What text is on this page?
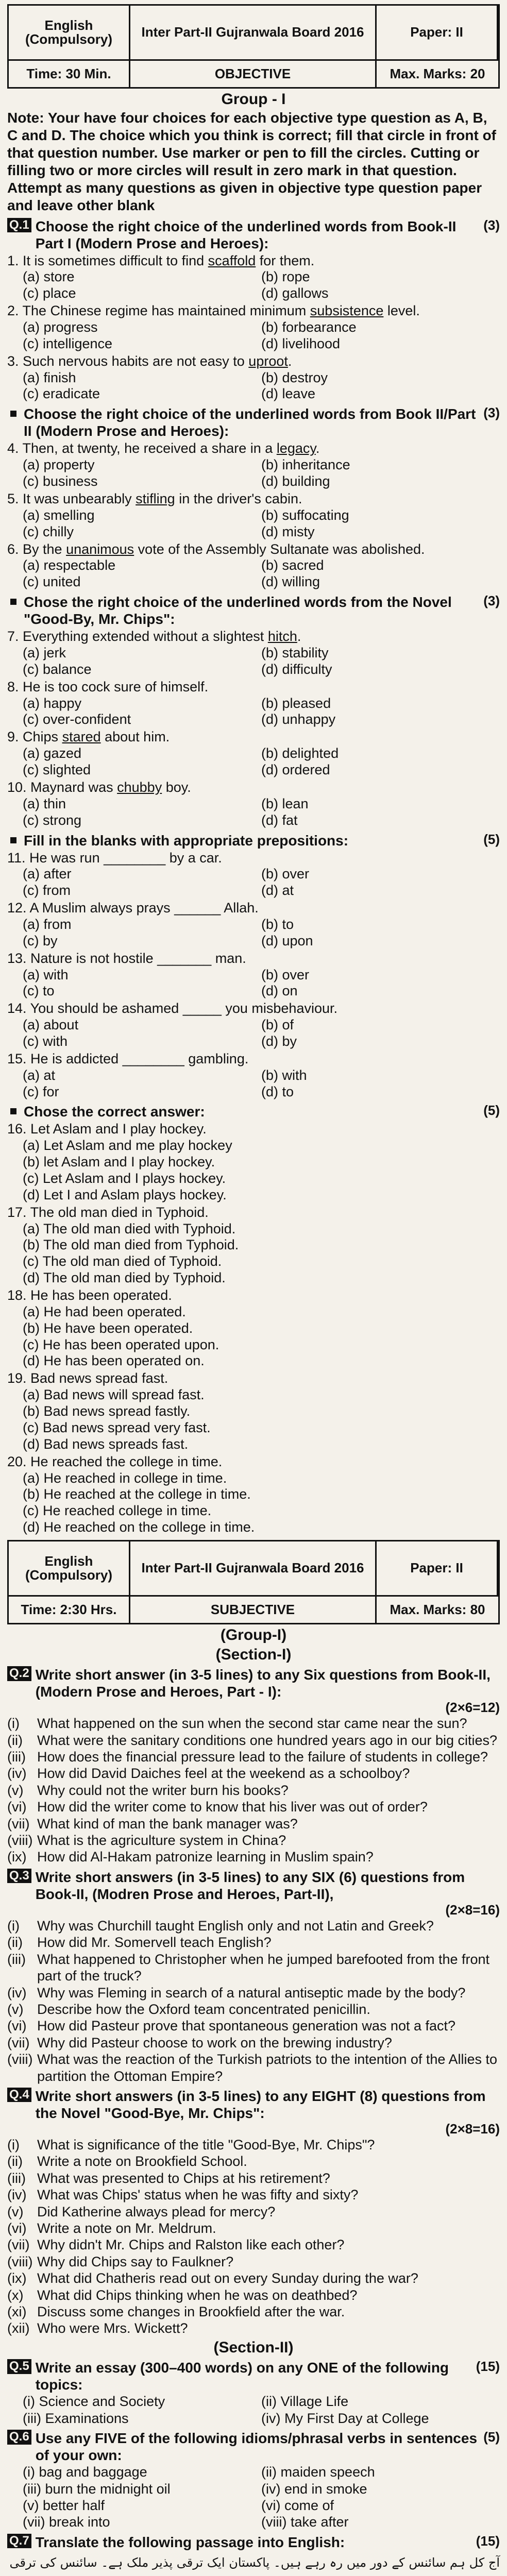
English (Compulsory)	Inter Part-II Gujranwala Board 2016	Paper: II
Time: 30 Min.	OBJECTIVE	Max. Marks: 20
Group - I
Note: Your have four choices for each objective type question as A, B, C and D. The choice which you think is correct; fill that circle in front of that question number. Use marker or pen to fill the circles. Cutting or filling two or more circles will result in zero mark in that question. Attempt as many questions as given in objective type question paper and leave other blank
Q.1 Choose the right choice of the underlined words from Book-II Part I (Modern Prose and Heroes):
(3)
1. It is sometimes difficult to find scaffold for them.
(a) store	(b) rope
(c) place	(d) gallows
2. The Chinese regime has maintained minimum subsistence level.
(a) progress	(b) forbearance
(c) intelligence	(d) livelihood
3. Such nervous habits are not easy to uproot.
(a) finish	(b) destroy
(c) eradicate	(d) leave
Choose the right choice of the underlined words from Book II/Part II (Modern Prose and Heroes):
(3)
4. Then, at twenty, he received a share in a legacy.
(a) property	(b) inheritance
(c) business	(d) building
5. It was unbearably stifling in the driver's cabin.
(a) smelling	(b) suffocating
(c) chilly	(d) misty
6. By the unanimous vote of the Assembly Sultanate was abolished.
(a) respectable	(b) sacred
(c) united	(d) willing
Chose the right choice of the underlined words from the Novel "Good-By, Mr. Chips":
(3)
7. Everything extended without a slightest hitch.
(a) jerk	(b) stability
(c) balance	(d) difficulty
8. He is too cock sure of himself.
(a) happy	(b) pleased
(c) over-confident	(d) unhappy
9. Chips stared about him.
(a) gazed	(b) delighted
(c) slighted	(d) ordered
10. Maynard was chubby boy.
(a) thin	(b) lean
(c) strong	(d) fat
Fill in the blanks with appropriate prepositions:	(5)
11. He was run ________ by a car.
(a) after	(b) over
(c) from	(d) at
12. A Muslim always prays ______ Allah.
(a) from	(b) to
(c) by	(d) upon
13. Nature is not hostile _______ man.
(a) with	(b) over
(c) to	(d) on
14. You should be ashamed _____ you misbehaviour.
(a) about	(b) of
(c) with	(d) by
15. He is addicted ________ gambling.
(a) at	(b) with
(c) for	(d) to
Chose the correct answer:	(5)
16. Let Aslam and I play hockey.
(a) Let Aslam and me play hockey
(b) let Aslam and I play hockey.
(c) Let Aslam and I plays hockey.
(d) Let I and Aslam plays hockey.
17. The old man died in Typhoid.
(a) The old man died with Typhoid.
(b) The old man died from Typhoid.
(c) The old man died of Typhoid.
(d) The old man died by Typhoid.
18. He has been operated.
(a) He had been operated.
(b) He have been operated.
(c) He has been operated upon.
(d) He has been operated on.
19. Bad news spread fast.
(a) Bad news will spread fast.
(b) Bad news spread fastly.
(c) Bad news spread very fast.
(d) Bad news spreads fast.
20. He reached the college in time.
(a) He reached in college in time.
(b) He reached at the college in time.
(c) He reached college in time.
(d) He reached on the college in time.
English (Compulsory)	Inter Part-II Gujranwala Board 2016	Paper: II
Time: 2:30 Hrs.	SUBJECTIVE	Max. Marks: 80
(Group-I)
(Section-I)
Q.2 Write short answer (in 3-5 lines) to any Six questions from Book-II,(Modern Prose and Heroes, Part - I):
(2×6=12)
(i)	What happened on the sun when the second star came near the sun?
(ii)	What were the sanitary conditions one hundred years ago in our big cities?
(iii) How does the financial pressure lead to the failure of students in college?
(iv) How did David Daiches feel at the weekend as a schoolboy?
(v) Why could not the writer burn his books?
(vi) How did the writer come to know that his liver was out of order?
(vii) What kind of man the bank manager was?
(viii) What is the agriculture system in China?
(ix) How did Al-Hakam patronize learning in Muslim spain?
Q.3 Write short answers (in 3-5 lines) to any SIX (6) questions from Book-II, (Modren Prose and Heroes, Part-II),
(2×8=16)
(i)	Why was Churchill taught English only and not Latin and Greek?
(ii)	How did Mr. Somervell teach English?
(iii) What happened to Christopher when he jumped barefooted from the front part of the truck?
(iv) Why was Fleming in search of a natural antiseptic made by the body?
(v) Describe how the Oxford team concentrated penicillin.
(vi) How did Pasteur prove that spontaneous generation was not a fact?
(vii) Why did Pasteur choose to work on the brewing industry?
(viii) What was the reaction of the Turkish patriots to the intention of the Allies to partition the Ottoman Empire?
Q.4 Write short answers (in 3-5 lines) to any EIGHT (8) questions from the Novel "Good-Bye, Mr. Chips":
(2×8=16)
(i)	What is significance of the title "Good-Bye, Mr. Chips"?
(ii)	Write a note on Brookfield School.
(iii) What was presented to Chips at his retirement?
(iv) What was Chips' status when he was fifty and sixty?
(v) Did Katherine always plead for mercy?
(vi) Write a note on Mr. Meldrum.
(vii) Why didn't Mr. Chips and Ralston like each other?
(viii) Why did Chips say to Faulkner?
(ix) What did Chatheris read out on every Sunday during the war?
(x) What did Chips thinking when he was on deathbed?
(xi) Discuss some changes in Brookfield after the war.
(xii) Who were Mrs. Wickett?
(Section-II)
Q.5 Write an essay (300–400 words) on any ONE of the following topics:
(15)
(i) Science and Society	(ii) Village Life
(iii) Examinations	(iv) My First Day at College
Q.6 Use any FIVE of the following idioms/phrasal verbs in sentences of your own:
(5)
(i) bag and baggage	(ii) maiden speech
(iii) burn the midnight oil	(iv) end in smoke
(v) better half	(vi) come of
(vii) break into	(viii) take after
Q.7 Translate the following passage into English:	(15)
آج کل ہم سائنس کے دور میں رہ رہے ہیں۔ پاکستان ایک ترقی پذیر ملک ہے۔ سائنس کی ترقی
